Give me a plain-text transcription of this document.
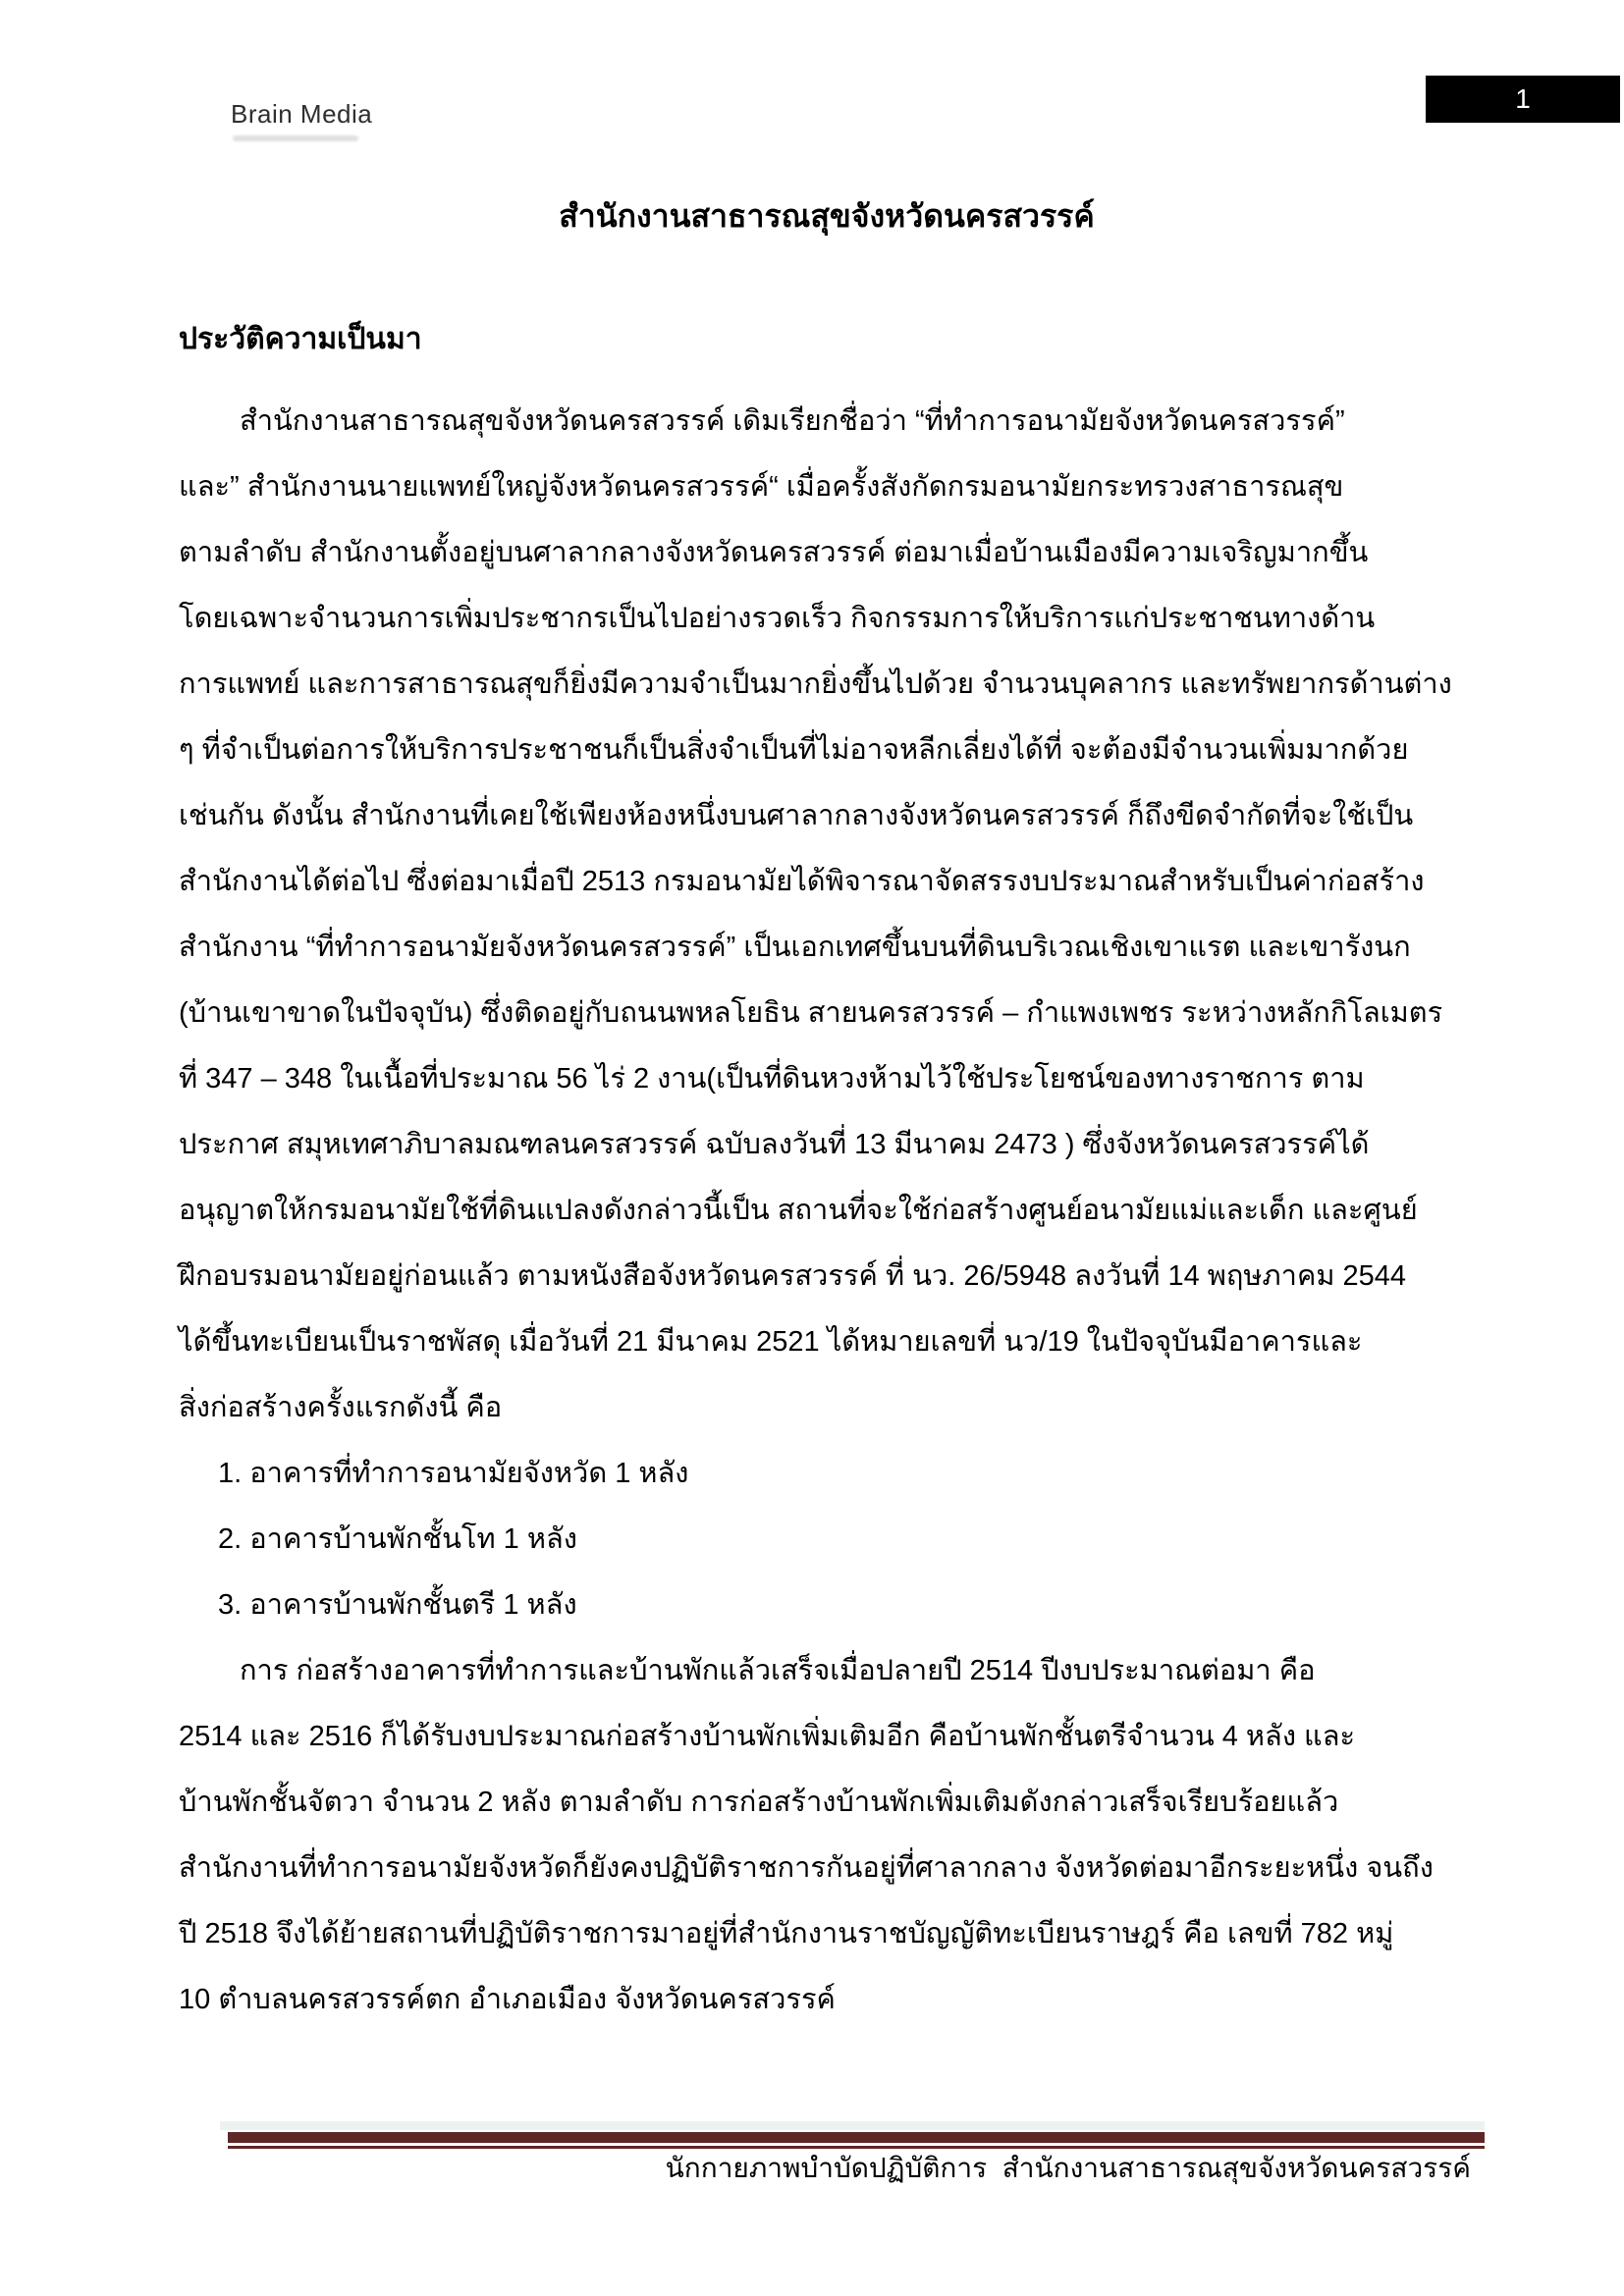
Brain Media	1
สำนักงานสาธารณสุขจังหวัดนครสวรรค์
ประวัติความเป็นมา
สำนักงานสาธารณสุขจังหวัดนครสวรรค์ เดิมเรียกชื่อว่า “ที่ทำการอนามัยจังหวัดนครสวรรค์”
และ” สำนักงานนายแพทย์ใหญ่จังหวัดนครสวรรค์“ เมื่อครั้งสังกัดกรมอนามัยกระทรวงสาธารณสุข
ตามลำดับ สำนักงานตั้งอยู่บนศาลากลางจังหวัดนครสวรรค์ ต่อมาเมื่อบ้านเมืองมีความเจริญมากขึ้น
โดยเฉพาะจำนวนการเพิ่มประชากรเป็นไปอย่างรวดเร็ว กิจกรรมการให้บริการแก่ประชาชนทางด้าน
การแพทย์ และการสาธารณสุขก็ยิ่งมีความจำเป็นมากยิ่งขึ้นไปด้วย จำนวนบุคลากร และทรัพยากรด้านต่าง
ๆ ที่จำเป็นต่อการให้บริการประชาชนก็เป็นสิ่งจำเป็นที่ไม่อาจหลีกเลี่ยงได้ที่ จะต้องมีจำนวนเพิ่มมากด้วย
เช่นกัน ดังนั้น สำนักงานที่เคยใช้เพียงห้องหนึ่งบนศาลากลางจังหวัดนครสวรรค์ ก็ถึงขีดจำกัดที่จะใช้เป็น
สำนักงานได้ต่อไป ซึ่งต่อมาเมื่อปี 2513 กรมอนามัยได้พิจารณาจัดสรรงบประมาณสำหรับเป็นค่าก่อสร้าง
สำนักงาน “ที่ทำการอนามัยจังหวัดนครสวรรค์” เป็นเอกเทศขึ้นบนที่ดินบริเวณเชิงเขาแรต และเขารังนก
(บ้านเขาขาดในปัจจุบัน) ซึ่งติดอยู่กับถนนพหลโยธิน สายนครสวรรค์ – กำแพงเพชร ระหว่างหลักกิโลเมตร
ที่ 347 – 348 ในเนื้อที่ประมาณ 56 ไร่ 2 งาน(เป็นที่ดินหวงห้ามไว้ใช้ประโยชน์ของทางราชการ ตาม
ประกาศ สมุหเทศาภิบาลมณฑลนครสวรรค์ ฉบับลงวันที่ 13 มีนาคม 2473 ) ซึ่งจังหวัดนครสวรรค์ได้
อนุญาตให้กรมอนามัยใช้ที่ดินแปลงดังกล่าวนี้เป็น สถานที่จะใช้ก่อสร้างศูนย์อนามัยแม่และเด็ก และศูนย์
ฝึกอบรมอนามัยอยู่ก่อนแล้ว ตามหนังสือจังหวัดนครสวรรค์ ที่ นว. 26/5948 ลงวันที่ 14 พฤษภาคม 2544
ได้ขึ้นทะเบียนเป็นราชพัสดุ เมื่อวันที่ 21 มีนาคม 2521 ได้หมายเลขที่ นว/19 ในปัจจุบันมีอาคารและ
สิ่งก่อสร้างครั้งแรกดังนี้ คือ
1. อาคารที่ทำการอนามัยจังหวัด 1 หลัง
2. อาคารบ้านพักชั้นโท 1 หลัง
3. อาคารบ้านพักชั้นตรี 1 หลัง
การ ก่อสร้างอาคารที่ทำการและบ้านพักแล้วเสร็จเมื่อปลายปี 2514 ปีงบประมาณต่อมา คือ
2514 และ 2516 ก็ได้รับงบประมาณก่อสร้างบ้านพักเพิ่มเติมอีก คือบ้านพักชั้นตรีจำนวน 4 หลัง และ
บ้านพักชั้นจัตวา จำนวน 2 หลัง ตามลำดับ การก่อสร้างบ้านพักเพิ่มเติมดังกล่าวเสร็จเรียบร้อยแล้ว
สำนักงานที่ทำการอนามัยจังหวัดก็ยังคงปฏิบัติราชการกันอยู่ที่ศาลากลาง จังหวัดต่อมาอีกระยะหนึ่ง จนถึง
ปี 2518 จึงได้ย้ายสถานที่ปฏิบัติราชการมาอยู่ที่สำนักงานราชบัญญัติทะเบียนราษฎร์ คือ เลขที่ 782 หมู่
10 ตำบลนครสวรรค์ตก อำเภอเมือง จังหวัดนครสวรรค์
นักกายภาพบำบัดปฏิบัติการ  สำนักงานสาธารณสุขจังหวัดนครสวรรค์
